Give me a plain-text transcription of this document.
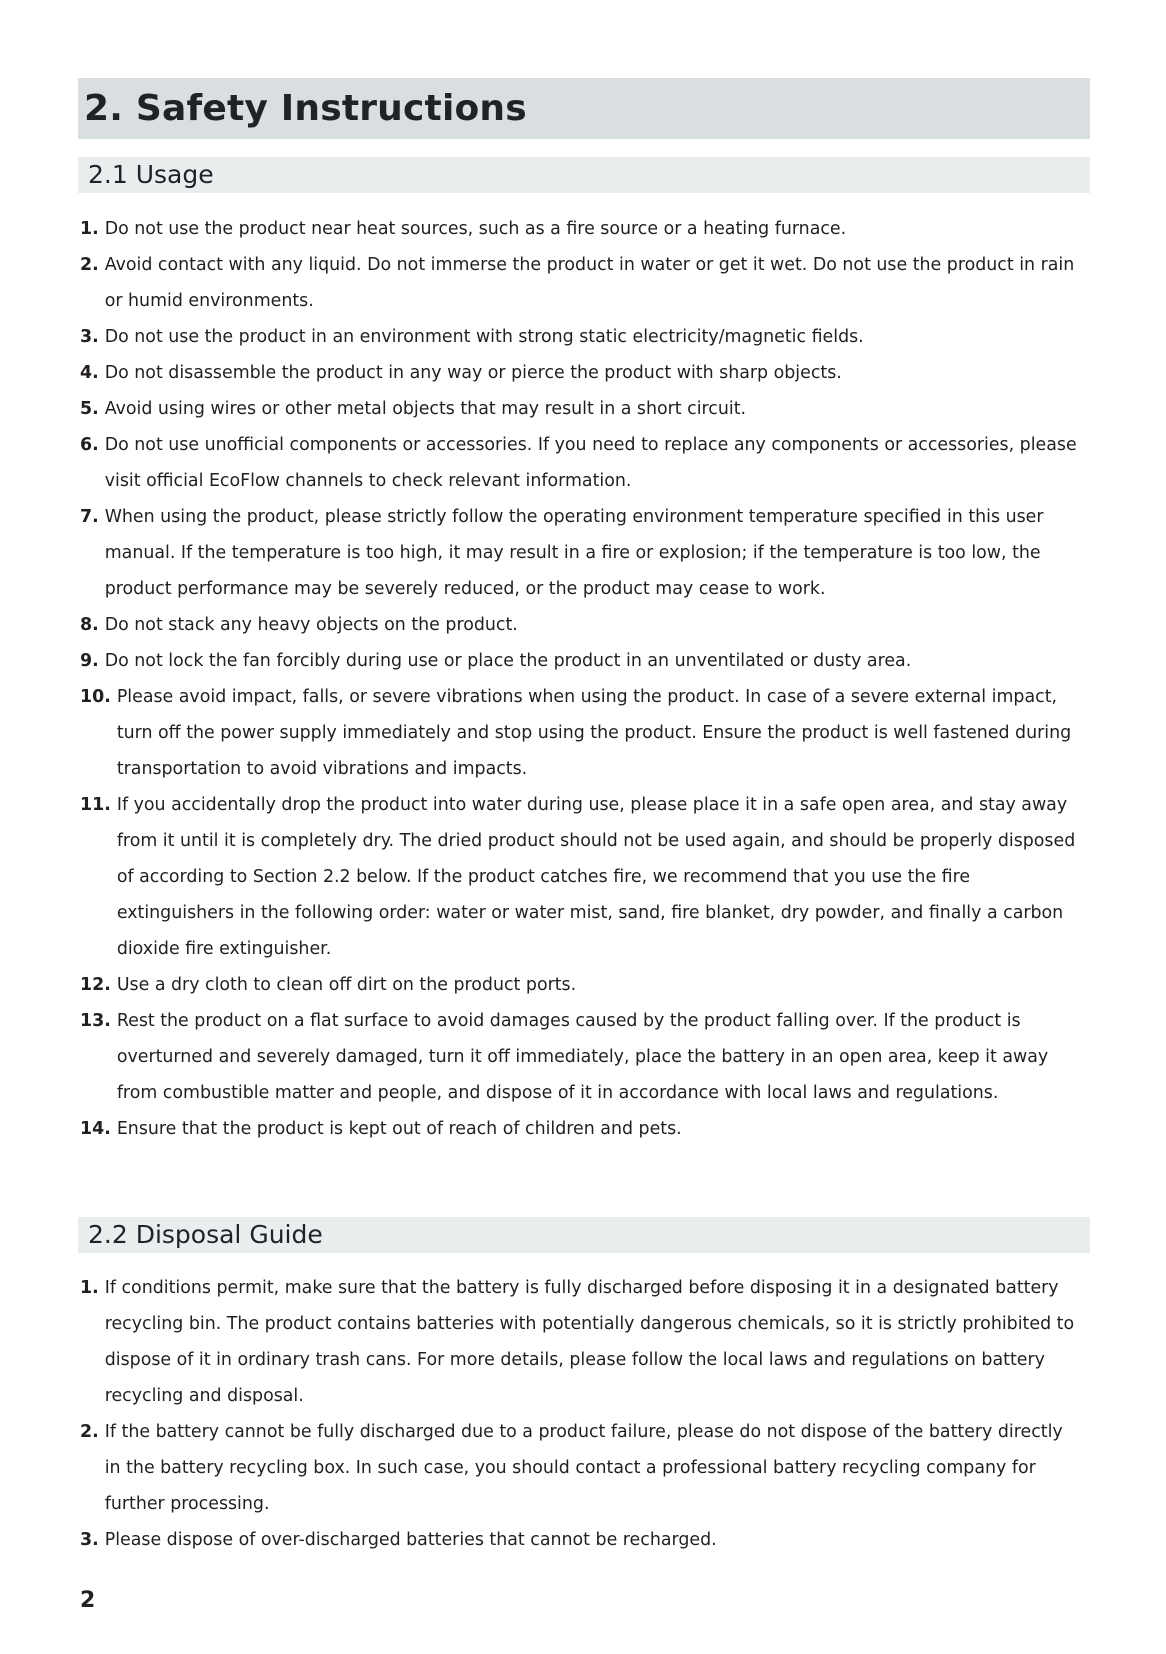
2. Safety Instructions
2.1 Usage
1. Do not use the product near heat sources, such as a fire source or a heating furnace.
2. Avoid contact with any liquid. Do not immerse the product in water or get it wet. Do not use the product in rain or humid environments.
3. Do not use the product in an environment with strong static electricity/magnetic fields.
4. Do not disassemble the product in any way or pierce the product with sharp objects.
5. Avoid using wires or other metal objects that may result in a short circuit.
6. Do not use unofficial components or accessories. If you need to replace any components or accessories, please visit official EcoFlow channels to check relevant information.
7. When using the product, please strictly follow the operating environment temperature specified in this user manual. If the temperature is too high, it may result in a fire or explosion; if the temperature is too low, the product performance may be severely reduced, or the product may cease to work.
8. Do not stack any heavy objects on the product.
9. Do not lock the fan forcibly during use or place the product in an unventilated or dusty area.
10. Please avoid impact, falls, or severe vibrations when using the product. In case of a severe external impact, turn off the power supply immediately and stop using the product. Ensure the product is well fastened during transportation to avoid vibrations and impacts.
11. If you accidentally drop the product into water during use, please place it in a safe open area, and stay away from it until it is completely dry. The dried product should not be used again, and should be properly disposed of according to Section 2.2 below. If the product catches fire, we recommend that you use the fire extinguishers in the following order: water or water mist, sand, fire blanket, dry powder, and finally a carbon dioxide fire extinguisher.
12. Use a dry cloth to clean off dirt on the product ports.
13. Rest the product on a flat surface to avoid damages caused by the product falling over. If the product is overturned and severely damaged, turn it off immediately, place the battery in an open area, keep it away from combustible matter and people, and dispose of it in accordance with local laws and regulations.
14. Ensure that the product is kept out of reach of children and pets.
2.2 Disposal Guide
1. If conditions permit, make sure that the battery is fully discharged before disposing it in a designated battery recycling bin. The product contains batteries with potentially dangerous chemicals, so it is strictly prohibited to dispose of it in ordinary trash cans. For more details, please follow the local laws and regulations on battery recycling and disposal.
2. If the battery cannot be fully discharged due to a product failure, please do not dispose of the battery directly in the battery recycling box. In such case, you should contact a professional battery recycling company for further processing.
3. Please dispose of over-discharged batteries that cannot be recharged.
2
